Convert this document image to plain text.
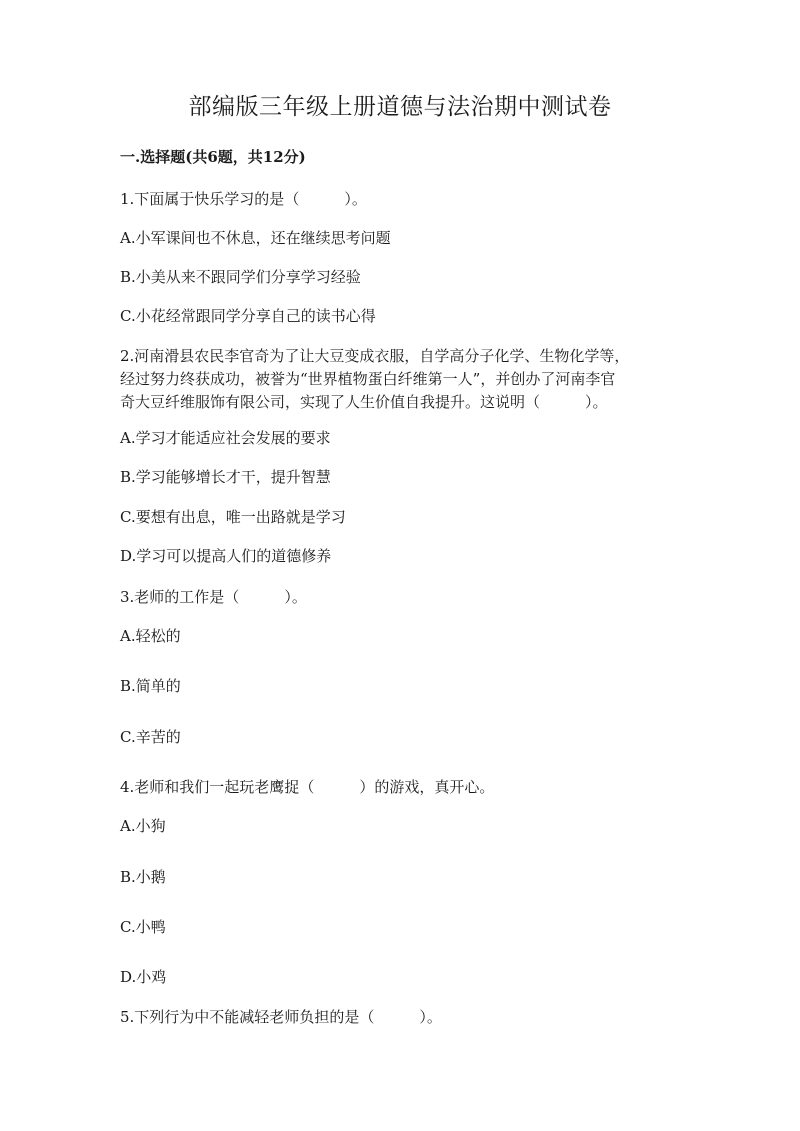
部编版三年级上册道德与法治期中测试卷
一.选择题(共6题，共12分)
1.下面属于快乐学习的是（　　　）。
A.小军课间也不休息，还在继续思考问题
B.小美从来不跟同学们分享学习经验
C.小花经常跟同学分享自己的读书心得
2.河南滑县农民李官奇为了让大豆变成衣服，自学高分子化学、生物化学等，
经过努力终获成功，被誉为“世界植物蛋白纤维第一人”，并创办了河南李官
奇大豆纤维服饰有限公司，实现了人生价值自我提升。这说明（　　　）。
A.学习才能适应社会发展的要求
B.学习能够增长才干，提升智慧
C.要想有出息，唯一出路就是学习
D.学习可以提高人们的道德修养
3.老师的工作是（　　　）。
A.轻松的
B.简单的
C.辛苦的
4.老师和我们一起玩老鹰捉（　　　）的游戏，真开心。
A.小狗
B.小鹅
C.小鸭
D.小鸡
5.下列行为中不能减轻老师负担的是（　　　）。
